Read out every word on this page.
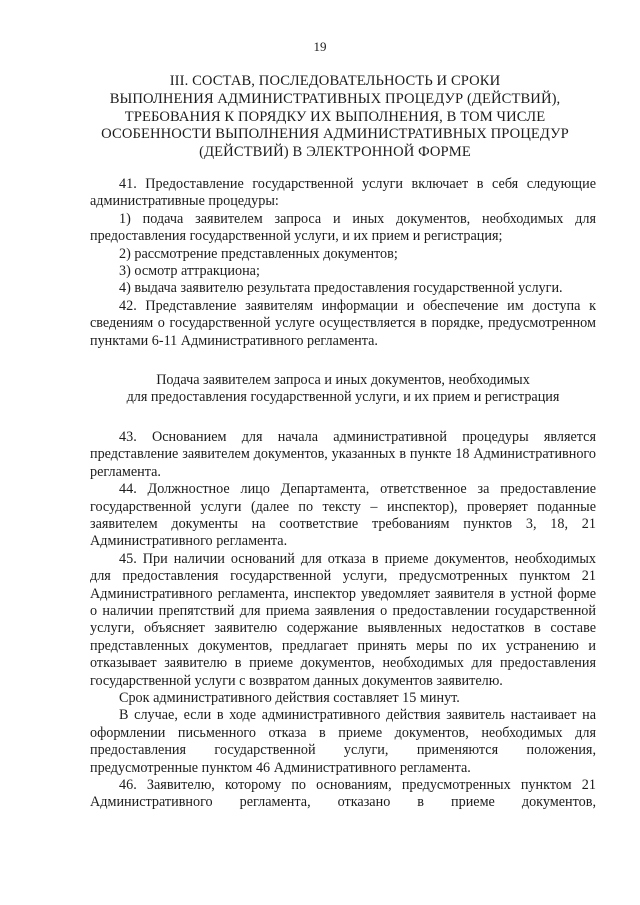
19
III. СОСТАВ, ПОСЛЕДОВАТЕЛЬНОСТЬ И СРОКИ
ВЫПОЛНЕНИЯ АДМИНИСТРАТИВНЫХ ПРОЦЕДУР (ДЕЙСТВИЙ),
ТРЕБОВАНИЯ К ПОРЯДКУ ИХ ВЫПОЛНЕНИЯ, В ТОМ ЧИСЛЕ
ОСОБЕННОСТИ ВЫПОЛНЕНИЯ АДМИНИСТРАТИВНЫХ ПРОЦЕДУР
(ДЕЙСТВИЙ) В ЭЛЕКТРОННОЙ ФОРМЕ

41. Предоставление государственной услуги включает в себя следующие административные процедуры:

1) подача заявителем запроса и иных документов, необходимых для предоставления государственной услуги, и их прием и регистрация;

2) рассмотрение представленных документов;

3) осмотр аттракциона;

4) выдача заявителю результата предоставления государственной услуги.

42. Представление заявителям информации и обеспечение им доступа к сведениям о государственной услуге осуществляется в порядке, предусмотренном пунктами 6-11 Административного регламента.

Подача заявителем запроса и иных документов, необходимых
для предоставления государственной услуги, и их прием и регистрация

43. Основанием для начала административной процедуры является представление заявителем документов, указанных в пункте 18 Административного регламента.

44. Должностное лицо Департамента, ответственное за предоставление государственной услуги (далее по тексту – инспектор), проверяет поданные заявителем документы на соответствие требованиям пунктов 3, 18, 21 Административного регламента.

45. При наличии оснований для отказа в приеме документов, необходимых для предоставления государственной услуги, предусмотренных пунктом 21 Административного регламента, инспектор уведомляет заявителя в устной форме о наличии препятствий для приема заявления о предоставлении государственной услуги, объясняет заявителю содержание выявленных недостатков в составе представленных документов, предлагает принять меры по их устранению и отказывает заявителю в приеме документов, необходимых для предоставления государственной услуги с возвратом данных документов заявителю.

Срок административного действия составляет 15 минут.

В случае, если в ходе административного действия заявитель настаивает на оформлении письменного отказа в приеме документов, необходимых для предоставления государственной услуги, применяются положения, предусмотренные пунктом 46 Административного регламента.

46. Заявителю, которому по основаниям, предусмотренных пунктом 21 Административного регламента, отказано в приеме документов,
